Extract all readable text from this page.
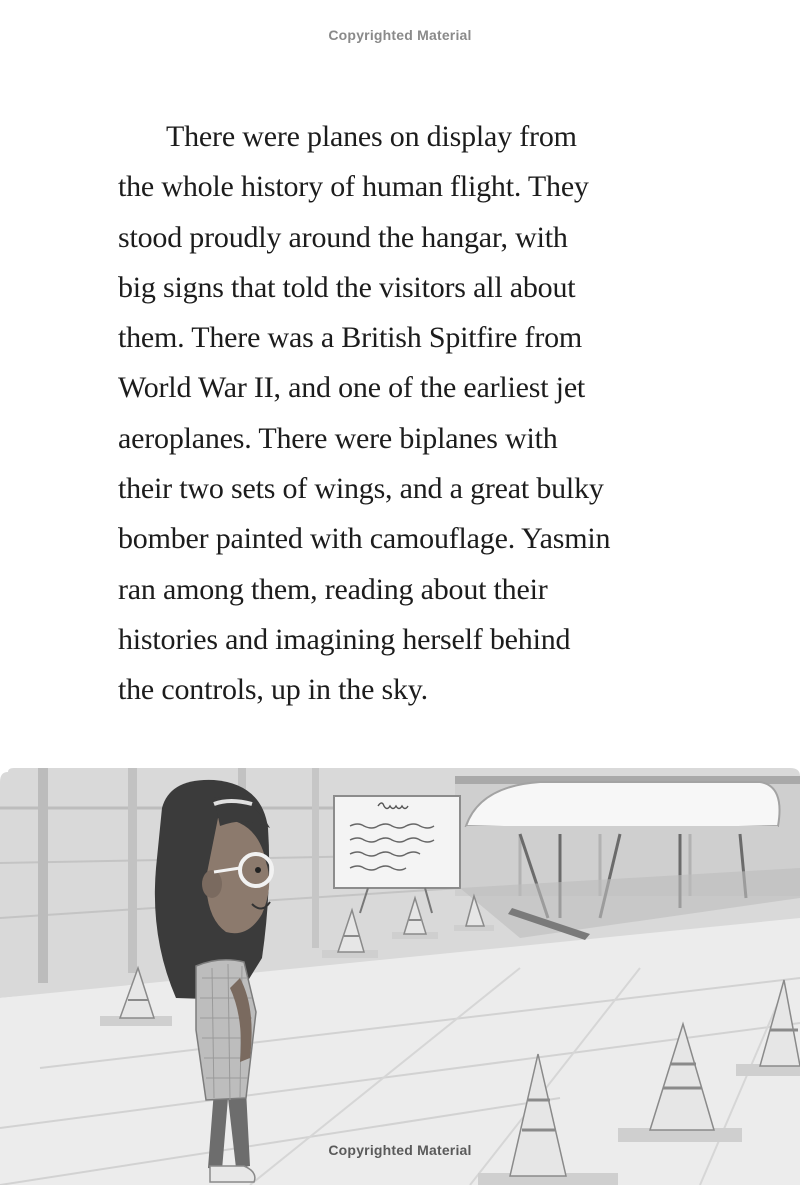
Copyrighted Material
There were planes on display from
the whole history of human flight. They
stood proudly around the hangar, with
big signs that told the visitors all about
them. There was a British Spitfire from
World War II, and one of the earliest jet
aeroplanes. There were biplanes with
their two sets of wings, and a great bulky
bomber painted with camouflage. Yasmin
ran among them, reading about their
histories and imagining herself behind
the controls, up in the sky.
Copyrighted Material
